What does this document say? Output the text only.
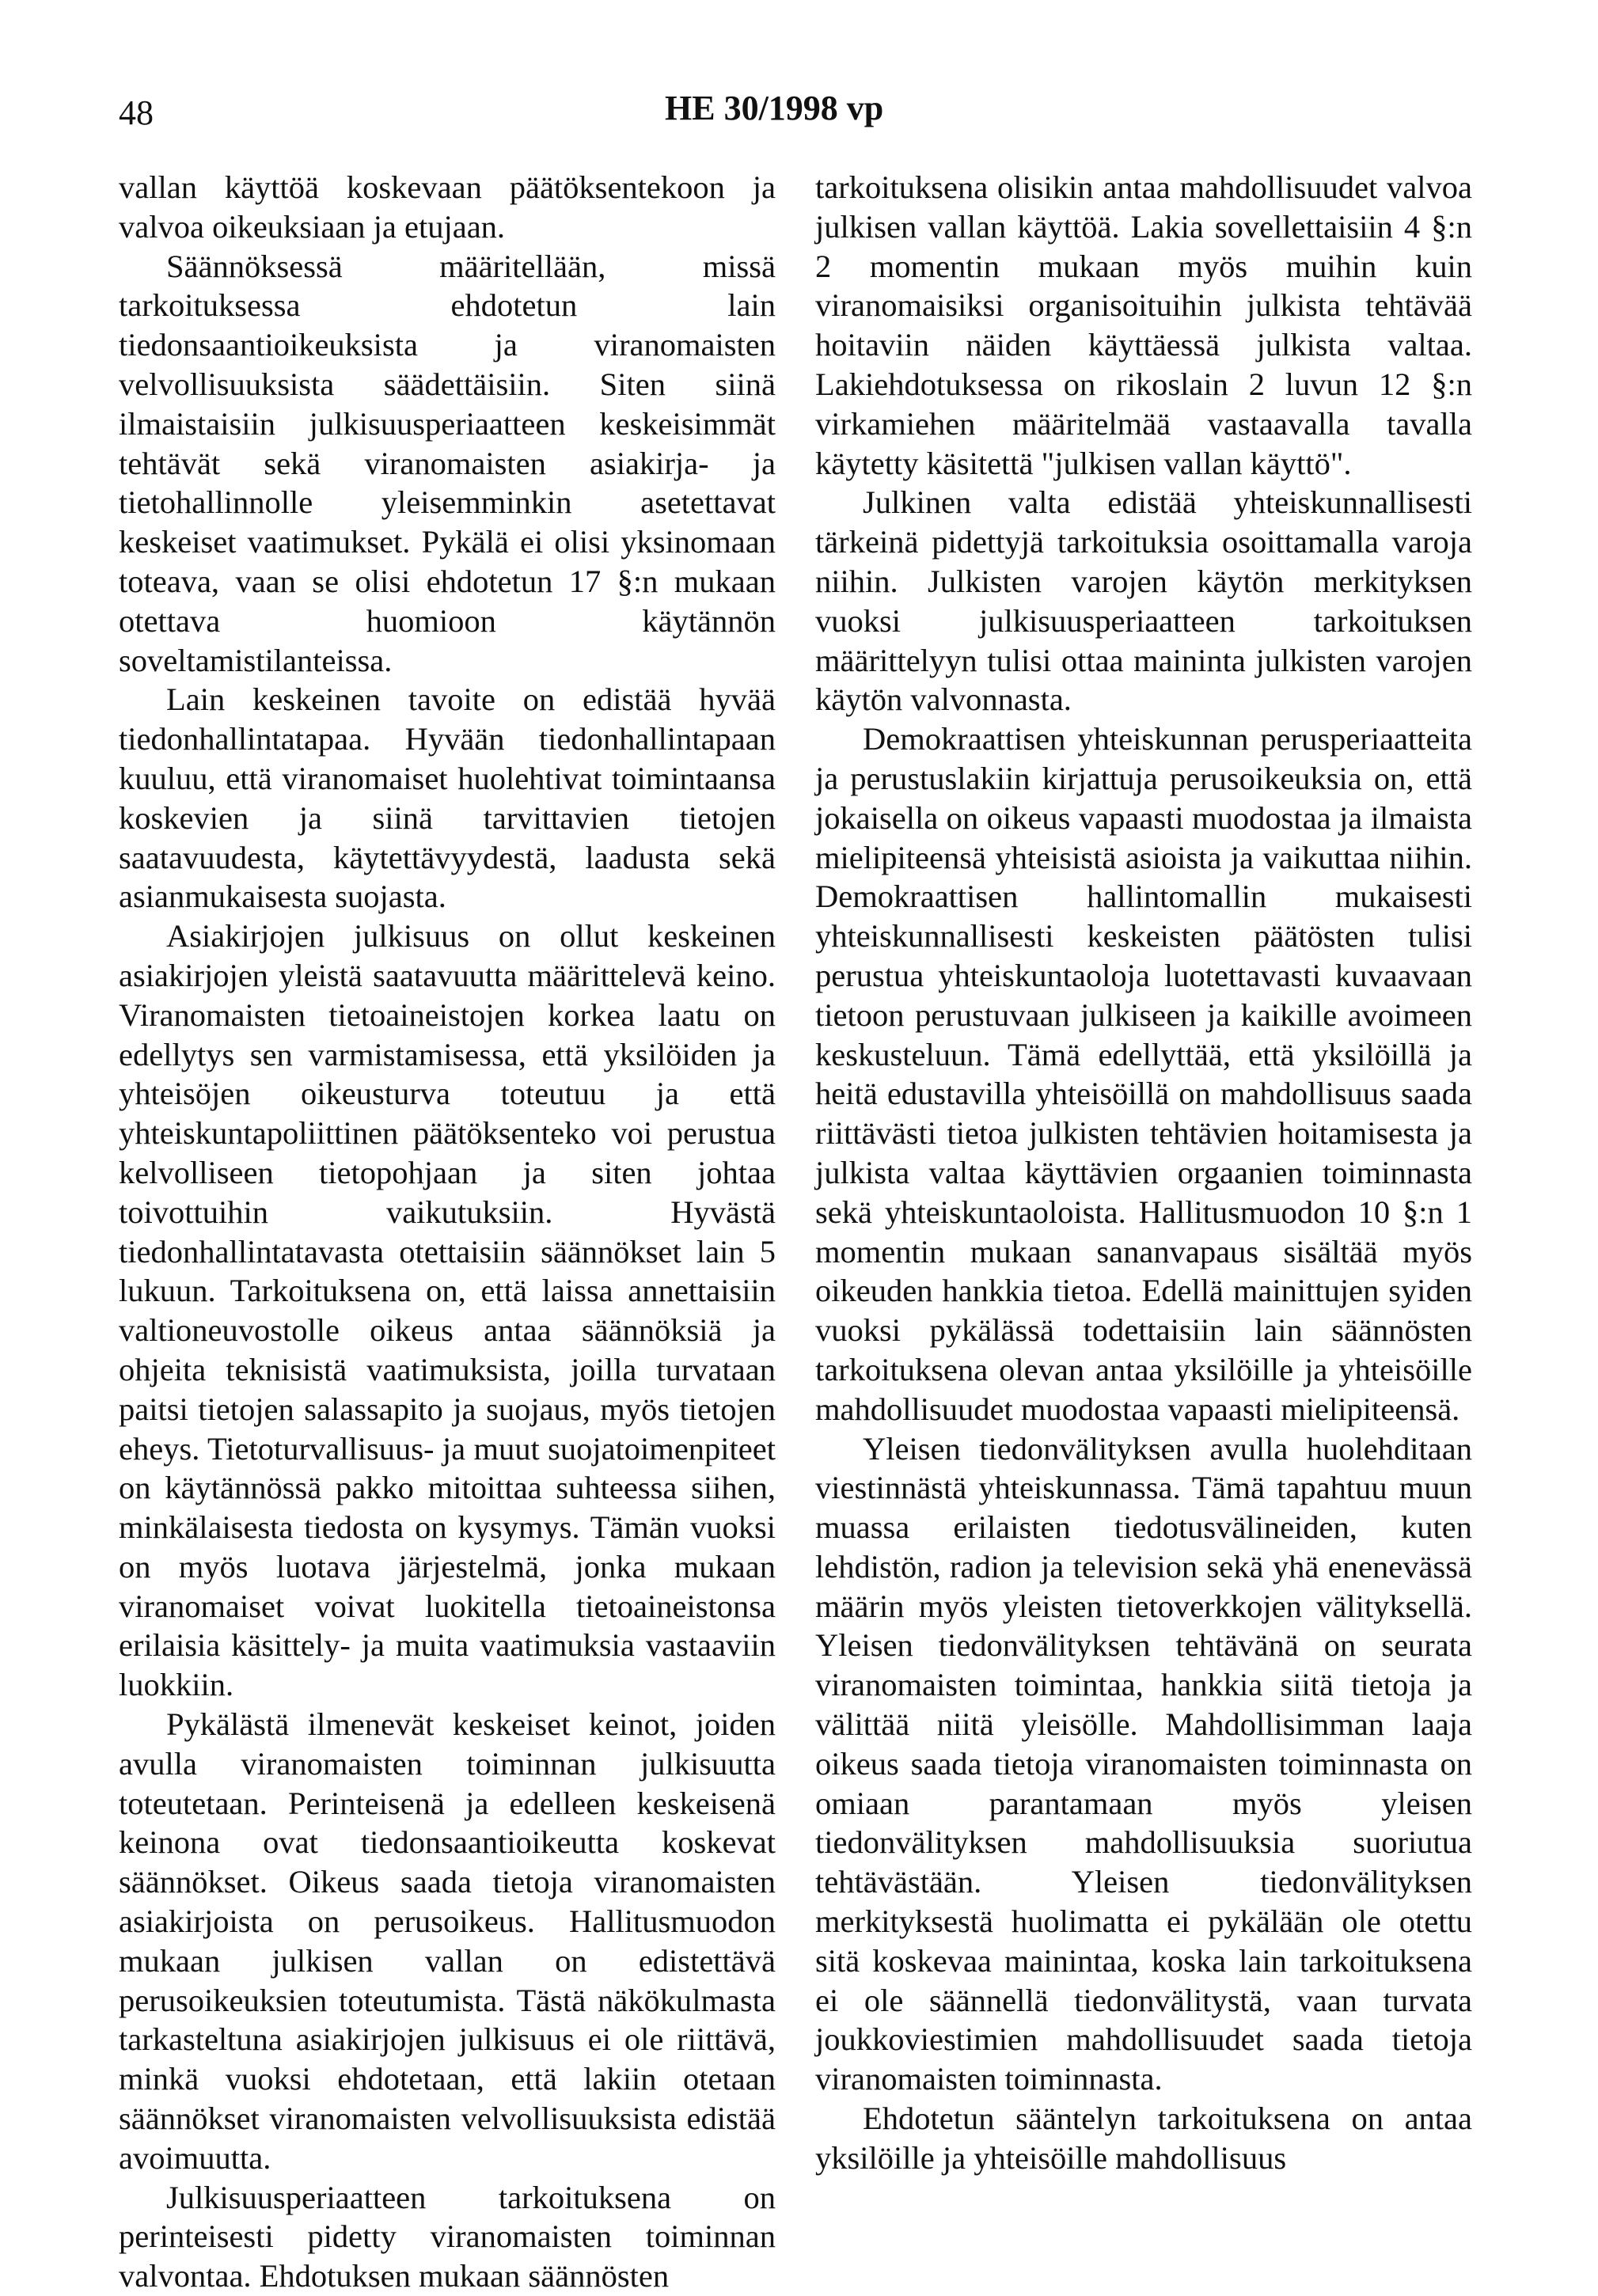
48	HE 30/1998 vp

vallan käyttöä koskevaan päätöksentekoon ja valvoa oikeuksiaan ja etujaan.

Säännöksessä määritellään, missä tarkoituksessa ehdotetun lain tiedonsaantioikeuksista ja viranomaisten velvollisuuksista säädettäisiin. Siten siinä ilmaistaisiin julkisuusperiaatteen keskeisimmät tehtävät sekä viranomaisten asiakirja- ja tietohallinnolle yleisemminkin asetettavat keskeiset vaatimukset. Pykälä ei olisi yksinomaan toteava, vaan se olisi ehdotetun 17 §:n mukaan otettava huomioon käytännön soveltamistilanteissa.

Lain keskeinen tavoite on edistää hyvää tiedonhallintatapaa. Hyvään tiedonhallintapaan kuuluu, että viranomaiset huolehtivat toimintaansa koskevien ja siinä tarvittavien tietojen saatavuudesta, käytettävyydestä, laadusta sekä asianmukaisesta suojasta.

Asiakirjojen julkisuus on ollut keskeinen asiakirjojen yleistä saatavuutta määrittelevä keino. Viranomaisten tietoaineistojen korkea laatu on edellytys sen varmistamisessa, että yksilöiden ja yhteisöjen oikeusturva toteutuu ja että yhteiskuntapoliittinen päätöksenteko voi perustua kelvolliseen tietopohjaan ja siten johtaa toivottuihin vaikutuksiin. Hyvästä tiedonhallintatavasta otettaisiin säännökset lain 5 lukuun. Tarkoituksena on, että laissa annettaisiin valtioneuvostolle oikeus antaa säännöksiä ja ohjeita teknisistä vaatimuksista, joilla turvataan paitsi tietojen salassapito ja suojaus, myös tietojen eheys. Tietoturvallisuus- ja muut suojatoimenpiteet on käytännössä pakko mitoittaa suhteessa siihen, minkälaisesta tiedosta on kysymys. Tämän vuoksi on myös luotava järjestelmä, jonka mukaan viranomaiset voivat luokitella tietoaineistonsa erilaisia käsittely- ja muita vaatimuksia vastaaviin luokkiin.

Pykälästä ilmenevät keskeiset keinot, joiden avulla viranomaisten toiminnan julkisuutta toteutetaan. Perinteisenä ja edelleen keskeisenä keinona ovat tiedonsaantioikeutta koskevat säännökset. Oikeus saada tietoja viranomaisten asiakirjoista on perusoikeus. Hallitusmuodon mukaan julkisen vallan on edistettävä perusoikeuksien toteutumista. Tästä näkökulmasta tarkasteltuna asiakirjojen julkisuus ei ole riittävä, minkä vuoksi ehdotetaan, että lakiin otetaan säännökset viranomaisten velvollisuuksista edistää avoimuutta.

Julkisuusperiaatteen tarkoituksena on perinteisesti pidetty viranomaisten toiminnan valvontaa. Ehdotuksen mukaan säännösten

tarkoituksena olisikin antaa mahdollisuudet valvoa julkisen vallan käyttöä. Lakia sovellettaisiin 4 §:n 2 momentin mukaan myös muihin kuin viranomaisiksi organisoituihin julkista tehtävää hoitaviin näiden käyttäessä julkista valtaa. Lakiehdotuksessa on rikoslain 2 luvun 12 §:n virkamiehen määritelmää vastaavalla tavalla käytetty käsitettä "julkisen vallan käyttö".

Julkinen valta edistää yhteiskunnallisesti tärkeinä pidettyjä tarkoituksia osoittamalla varoja niihin. Julkisten varojen käytön merkityksen vuoksi julkisuusperiaatteen tarkoituksen määrittelyyn tulisi ottaa maininta julkisten varojen käytön valvonnasta.

Demokraattisen yhteiskunnan perusperiaatteita ja perustuslakiin kirjattuja perusoikeuksia on, että jokaisella on oikeus vapaasti muodostaa ja ilmaista mielipiteensä yhteisistä asioista ja vaikuttaa niihin. Demokraattisen hallintomallin mukaisesti yhteiskunnallisesti keskeisten päätösten tulisi perustua yhteiskuntaoloja luotettavasti kuvaavaan tietoon perustuvaan julkiseen ja kaikille avoimeen keskusteluun. Tämä edellyttää, että yksilöillä ja heitä edustavilla yhteisöillä on mahdollisuus saada riittävästi tietoa julkisten tehtävien hoitamisesta ja julkista valtaa käyttävien orgaanien toiminnasta sekä yhteiskuntaoloista. Hallitusmuodon 10 §:n 1 momentin mukaan sananvapaus sisältää myös oikeuden hankkia tietoa. Edellä mainittujen syiden vuoksi pykälässä todettaisiin lain säännösten tarkoituksena olevan antaa yksilöille ja yhteisöille mahdollisuudet muodostaa vapaasti mielipiteensä.

Yleisen tiedonvälityksen avulla huolehditaan viestinnästä yhteiskunnassa. Tämä tapahtuu muun muassa erilaisten tiedotusvälineiden, kuten lehdistön, radion ja television sekä yhä enenevässä määrin myös yleisten tietoverkkojen välityksellä. Yleisen tiedonvälityksen tehtävänä on seurata viranomaisten toimintaa, hankkia siitä tietoja ja välittää niitä yleisölle. Mahdollisimman laaja oikeus saada tietoja viranomaisten toiminnasta on omiaan parantamaan myös yleisen tiedonvälityksen mahdollisuuksia suoriutua tehtävästään. Yleisen tiedonvälityksen merkityksestä huolimatta ei pykälään ole otettu sitä koskevaa mainintaa, koska lain tarkoituksena ei ole säännellä tiedonvälitystä, vaan turvata joukkoviestimien mahdollisuudet saada tietoja viranomaisten toiminnasta.

Ehdotetun sääntelyn tarkoituksena on antaa yksilöille ja yhteisöille mahdollisuus
